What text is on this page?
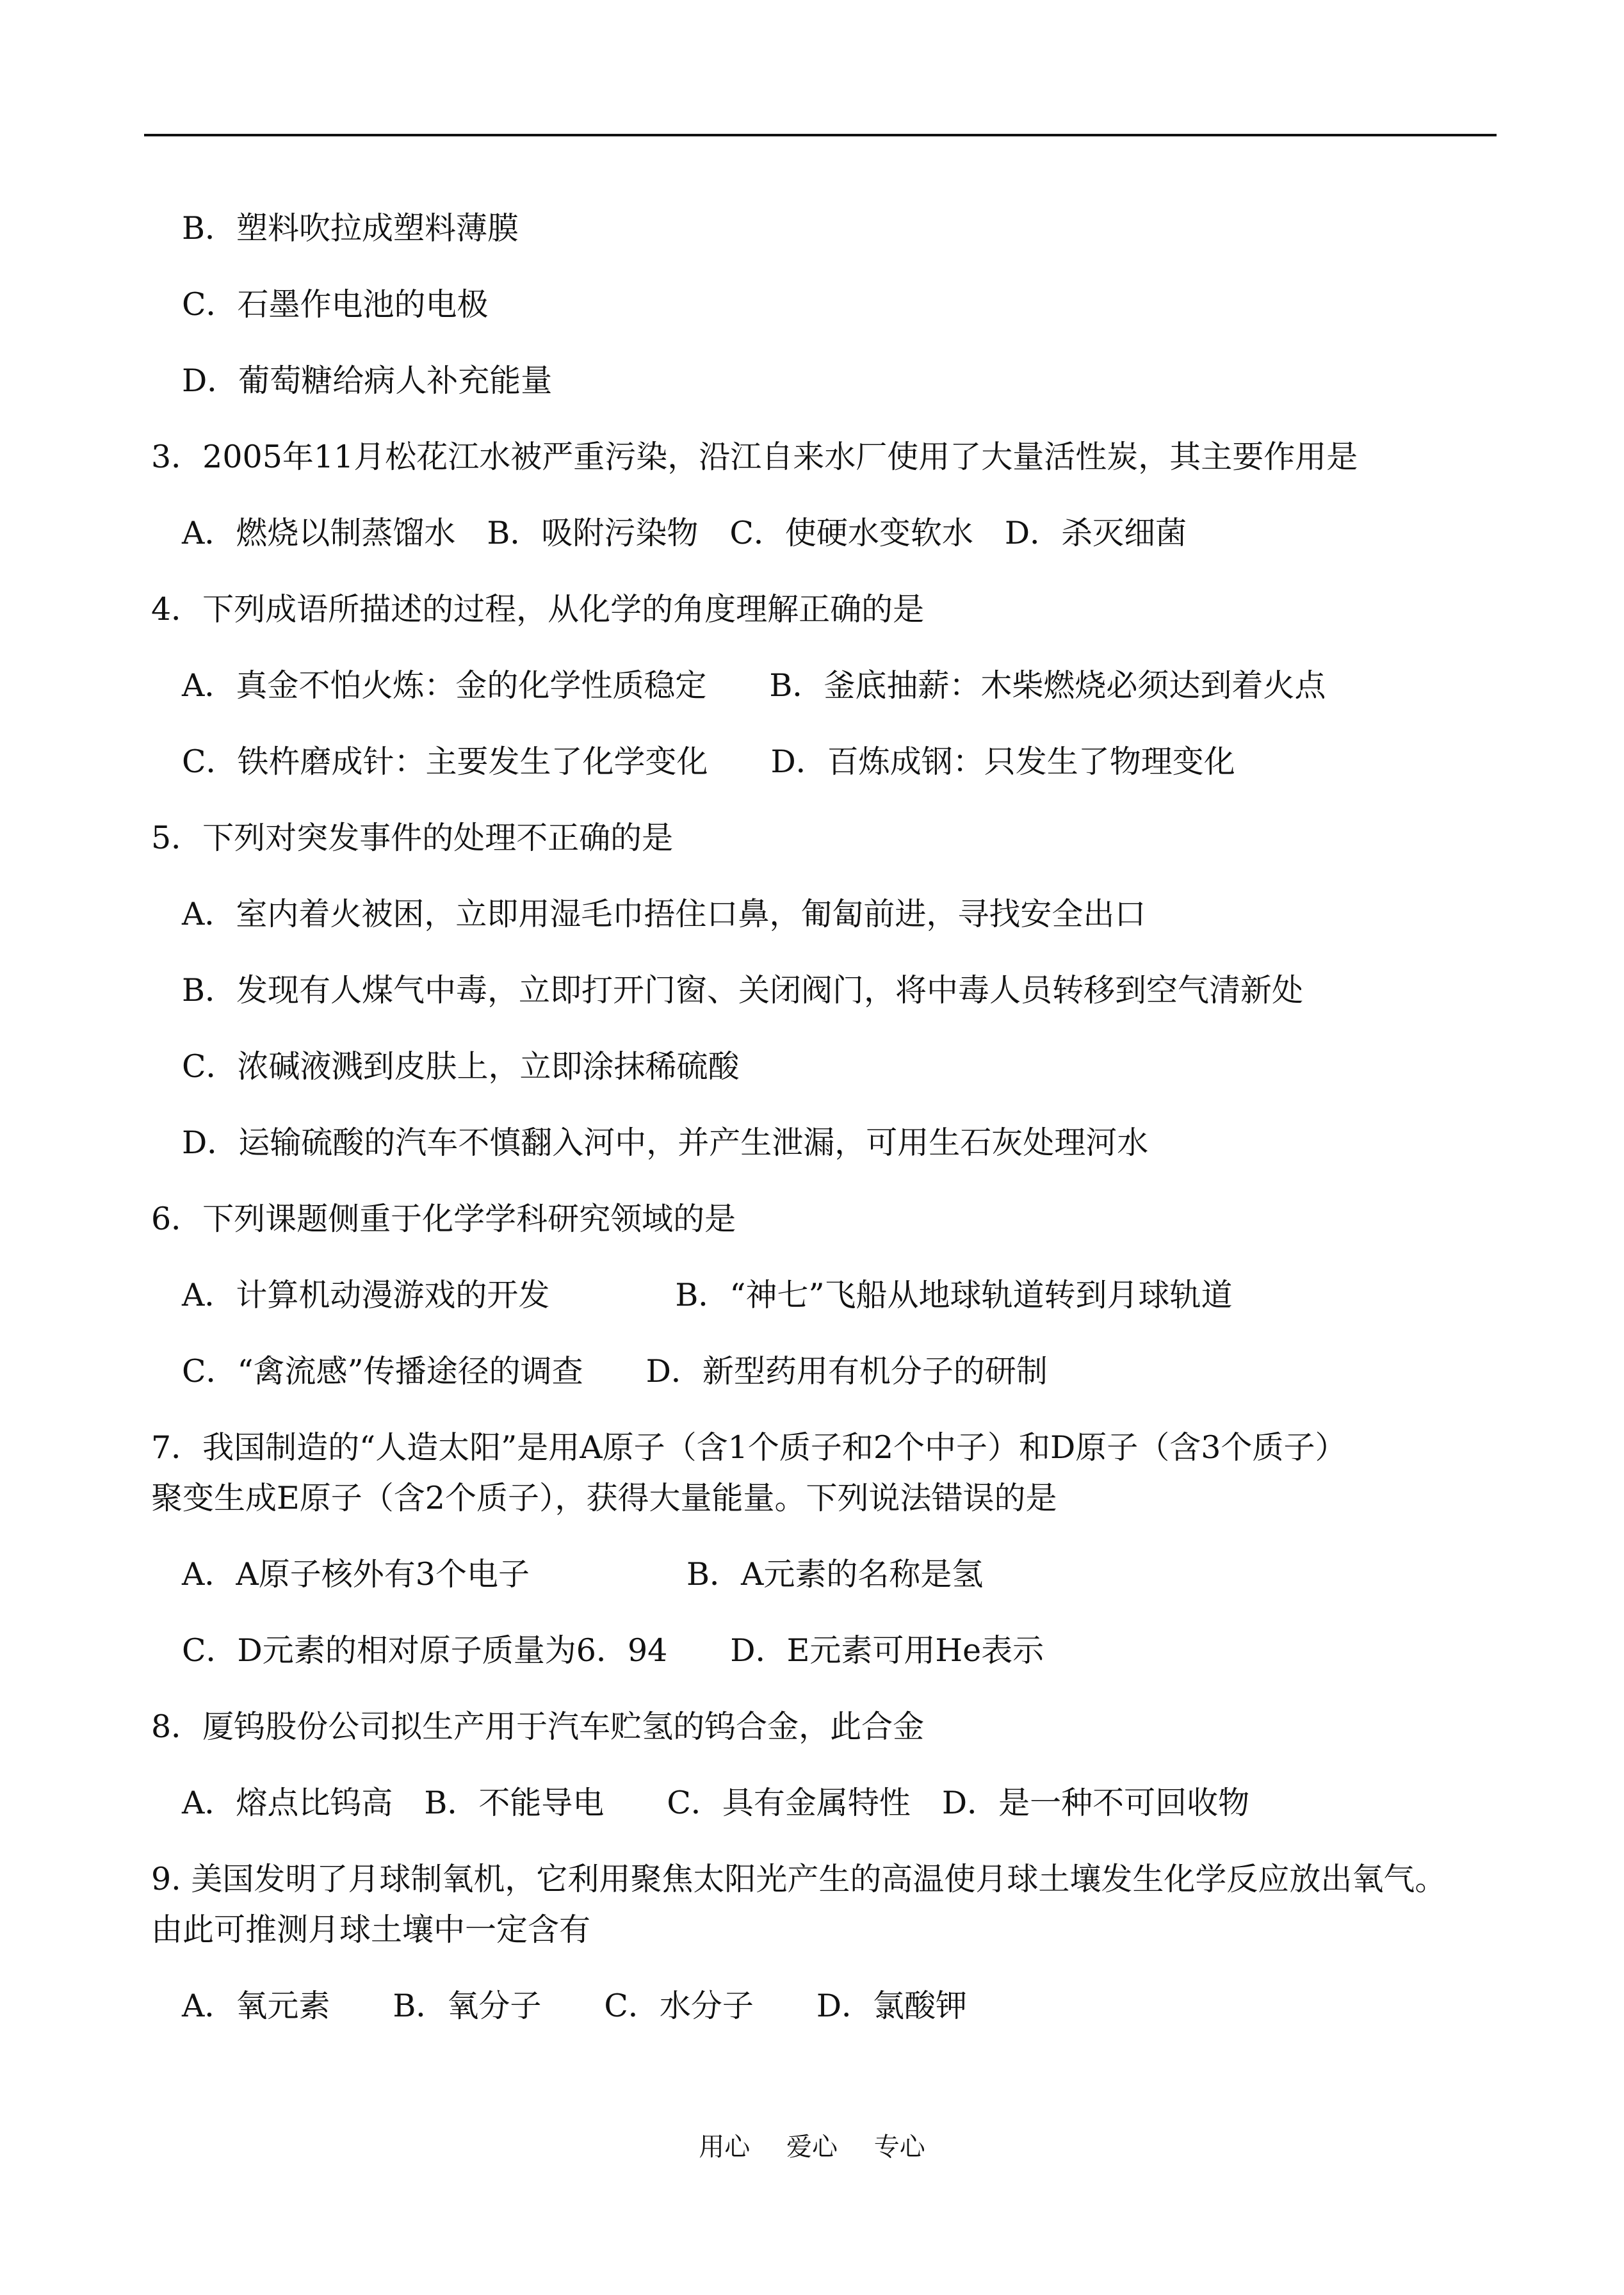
B．塑料吹拉成塑料薄膜
C．石墨作电池的电极
D．葡萄糖给病人补充能量
3．2005年11月松花江水被严重污染，沿江自来水厂使用了大量活性炭，其主要作用是
A．燃烧以制蒸馏水　B．吸附污染物　C．使硬水变软水　D．杀灭细菌
4．下列成语所描述的过程，从化学的角度理解正确的是
A．真金不怕火炼：金的化学性质稳定　　B．釜底抽薪：木柴燃烧必须达到着火点
C．铁杵磨成针：主要发生了化学变化　　D．百炼成钢：只发生了物理变化
5．下列对突发事件的处理不正确的是
A．室内着火被困，立即用湿毛巾捂住口鼻，匍匐前进，寻找安全出口
B．发现有人煤气中毒，立即打开门窗、关闭阀门，将中毒人员转移到空气清新处
C．浓碱液溅到皮肤上，立即涂抹稀硫酸
D．运输硫酸的汽车不慎翻入河中，并产生泄漏，可用生石灰处理河水
6．下列课题侧重于化学学科研究领域的是
A．计算机动漫游戏的开发　　　　B．“神七”飞船从地球轨道转到月球轨道
C．“禽流感”传播途径的调查　　D．新型药用有机分子的研制
7．我国制造的“人造太阳”是用A原子（含1个质子和2个中子）和D原子（含3个质子）
聚变生成E原子（含2个质子），获得大量能量。下列说法错误的是
A．A原子核外有3个电子　　　　　B．A元素的名称是氢
C．D元素的相对原子质量为6．94　　D．E元素可用He表示
8．厦钨股份公司拟生产用于汽车贮氢的钨合金，此合金
A．熔点比钨高　B．不能导电　　C．具有金属特性　D．是一种不可回收物
9. 美国发明了月球制氧机，它利用聚焦太阳光产生的高温使月球土壤发生化学反应放出氧气。
由此可推测月球土壤中一定含有
A．氧元素　　B．氧分子　　C．水分子　　D．氯酸钾
用心 爱心 专心
